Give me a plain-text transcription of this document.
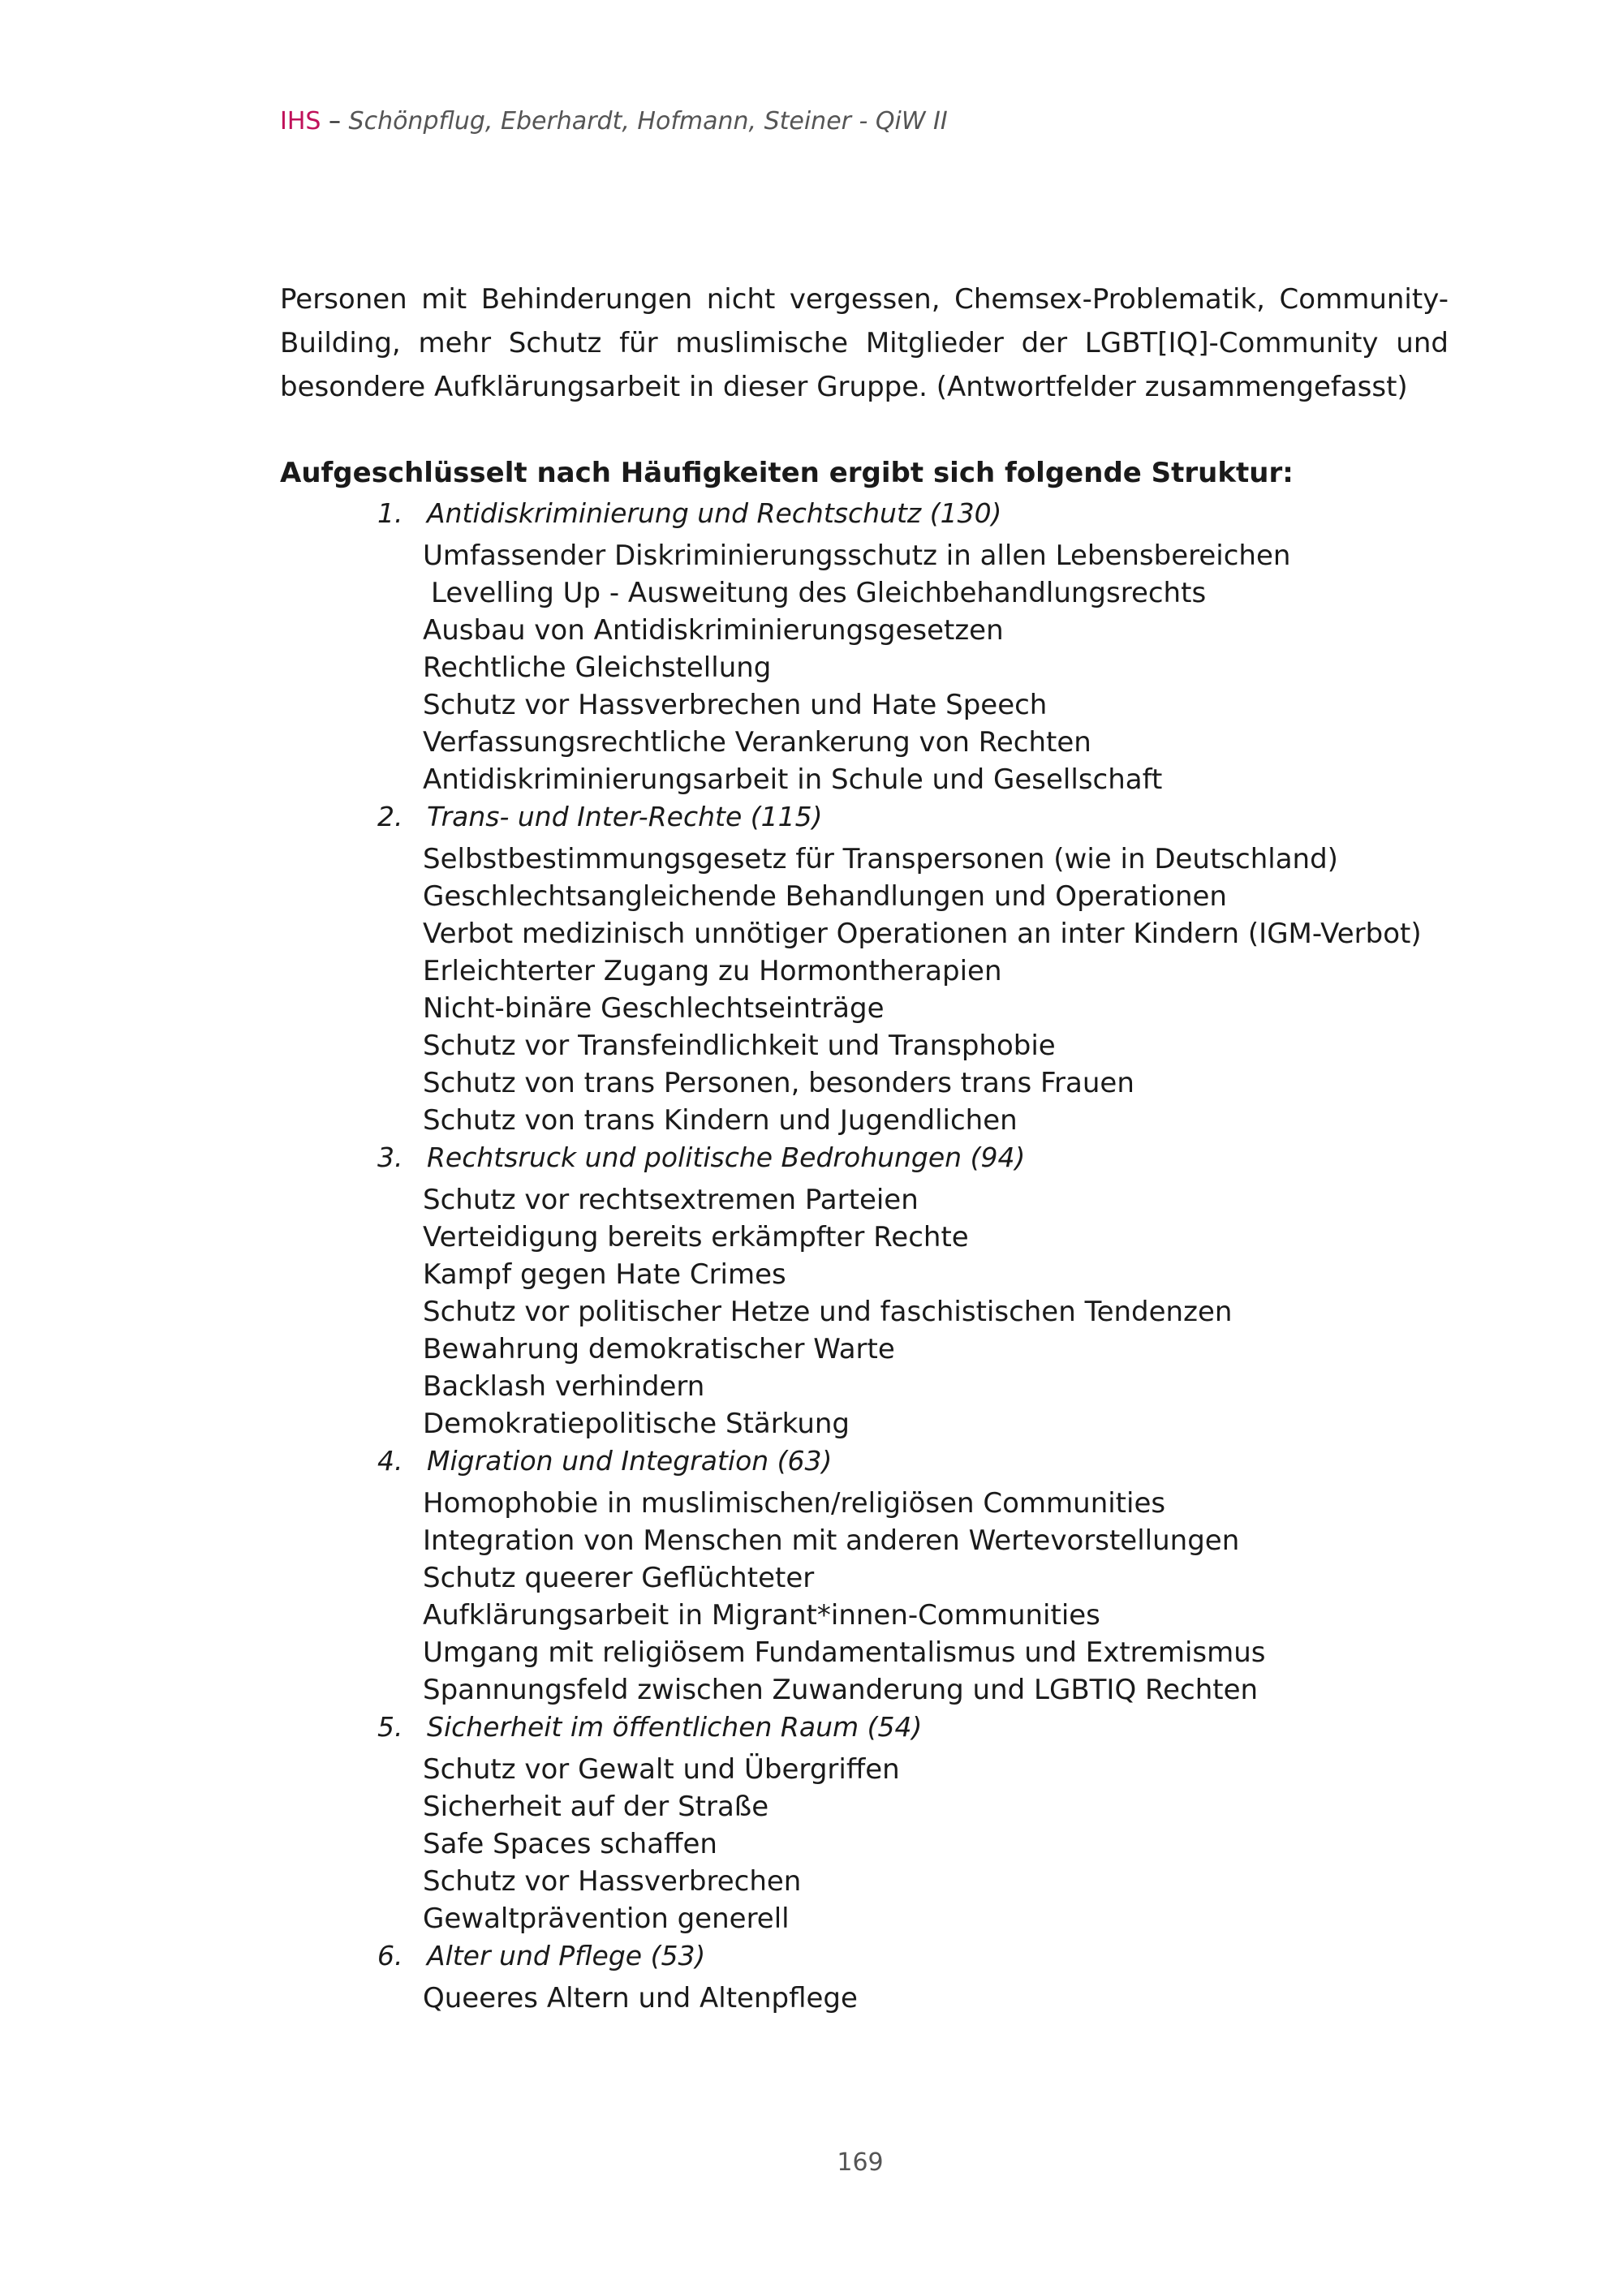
IHS – Schönpflug, Eberhardt, Hofmann, Steiner - QiW II

Personen mit Behinderungen nicht vergessen, Chemsex-Problematik, Community-Building, mehr Schutz für muslimische Mitglieder der LGBT[IQ]-Community und besondere Aufklärungsarbeit in dieser Gruppe. (Antwortfelder zusammengefasst)

Aufgeschlüsselt nach Häufigkeiten ergibt sich folgende Struktur:

1. Antidiskriminierung und Rechtschutz (130)
Umfassender Diskriminierungsschutz in allen Lebensbereichen
Levelling Up - Ausweitung des Gleichbehandlungsrechts
Ausbau von Antidiskriminierungsgesetzen
Rechtliche Gleichstellung
Schutz vor Hassverbrechen und Hate Speech
Verfassungsrechtliche Verankerung von Rechten
Antidiskriminierungsarbeit in Schule und Gesellschaft
2. Trans- und Inter-Rechte (115)
Selbstbestimmungsgesetz für Transpersonen (wie in Deutschland)
Geschlechtsangleichende Behandlungen und Operationen
Verbot medizinisch unnötiger Operationen an inter Kindern (IGM-Verbot)
Erleichterter Zugang zu Hormontherapien
Nicht-binäre Geschlechtseinträge
Schutz vor Transfeindlichkeit und Transphobie
Schutz von trans Personen, besonders trans Frauen
Schutz von trans Kindern und Jugendlichen
3. Rechtsruck und politische Bedrohungen (94)
Schutz vor rechtsextremen Parteien
Verteidigung bereits erkämpfter Rechte
Kampf gegen Hate Crimes
Schutz vor politischer Hetze und faschistischen Tendenzen
Bewahrung demokratischer Warte
Backlash verhindern
Demokratiepolitische Stärkung
4. Migration und Integration (63)
Homophobie in muslimischen/religiösen Communities
Integration von Menschen mit anderen Wertevorstellungen
Schutz queerer Geflüchteter
Aufklärungsarbeit in Migrant*innen-Communities
Umgang mit religiösem Fundamentalismus und Extremismus
Spannungsfeld zwischen Zuwanderung und LGBTIQ Rechten
5. Sicherheit im öffentlichen Raum (54)
Schutz vor Gewalt und Übergriffen
Sicherheit auf der Straße
Safe Spaces schaffen
Schutz vor Hassverbrechen
Gewaltprävention generell
6. Alter und Pflege (53)
Queeres Altern und Altenpflege
169
